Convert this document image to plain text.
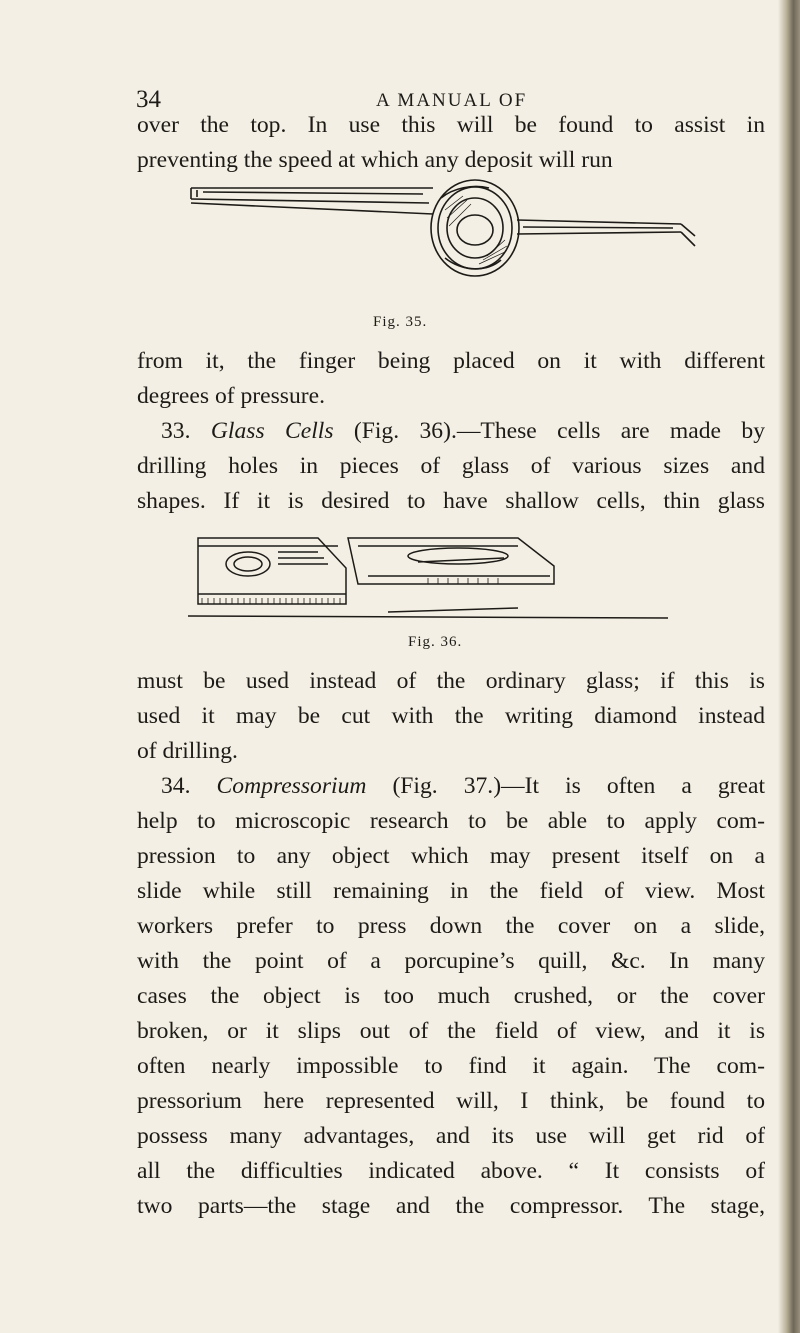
34	A MANUAL OF
over the top. In use this will be found to assist in
preventing the speed at which any deposit will run
Fig. 35.
from it, the finger being placed on it with different
degrees of pressure.
33. Glass Cells (Fig. 36).—These cells are made by
drilling holes in pieces of glass of various sizes and
shapes. If it is desired to have shallow cells, thin glass
Fig. 36.
must be used instead of the ordinary glass; if this is
used it may be cut with the writing diamond instead
of drilling.
34. Compressorium (Fig. 37.)—It is often a great
help to microscopic research to be able to apply com-
pression to any object which may present itself on a
slide while still remaining in the field of view. Most
workers prefer to press down the cover on a slide,
with the point of a porcupine’s quill, &c. In many
cases the object is too much crushed, or the cover
broken, or it slips out of the field of view, and it is
often nearly impossible to find it again. The com-
pressorium here represented will, I think, be found to
possess many advantages, and its use will get rid of
all the difficulties indicated above. “ It consists of
two parts—the stage and the compressor. The stage,
